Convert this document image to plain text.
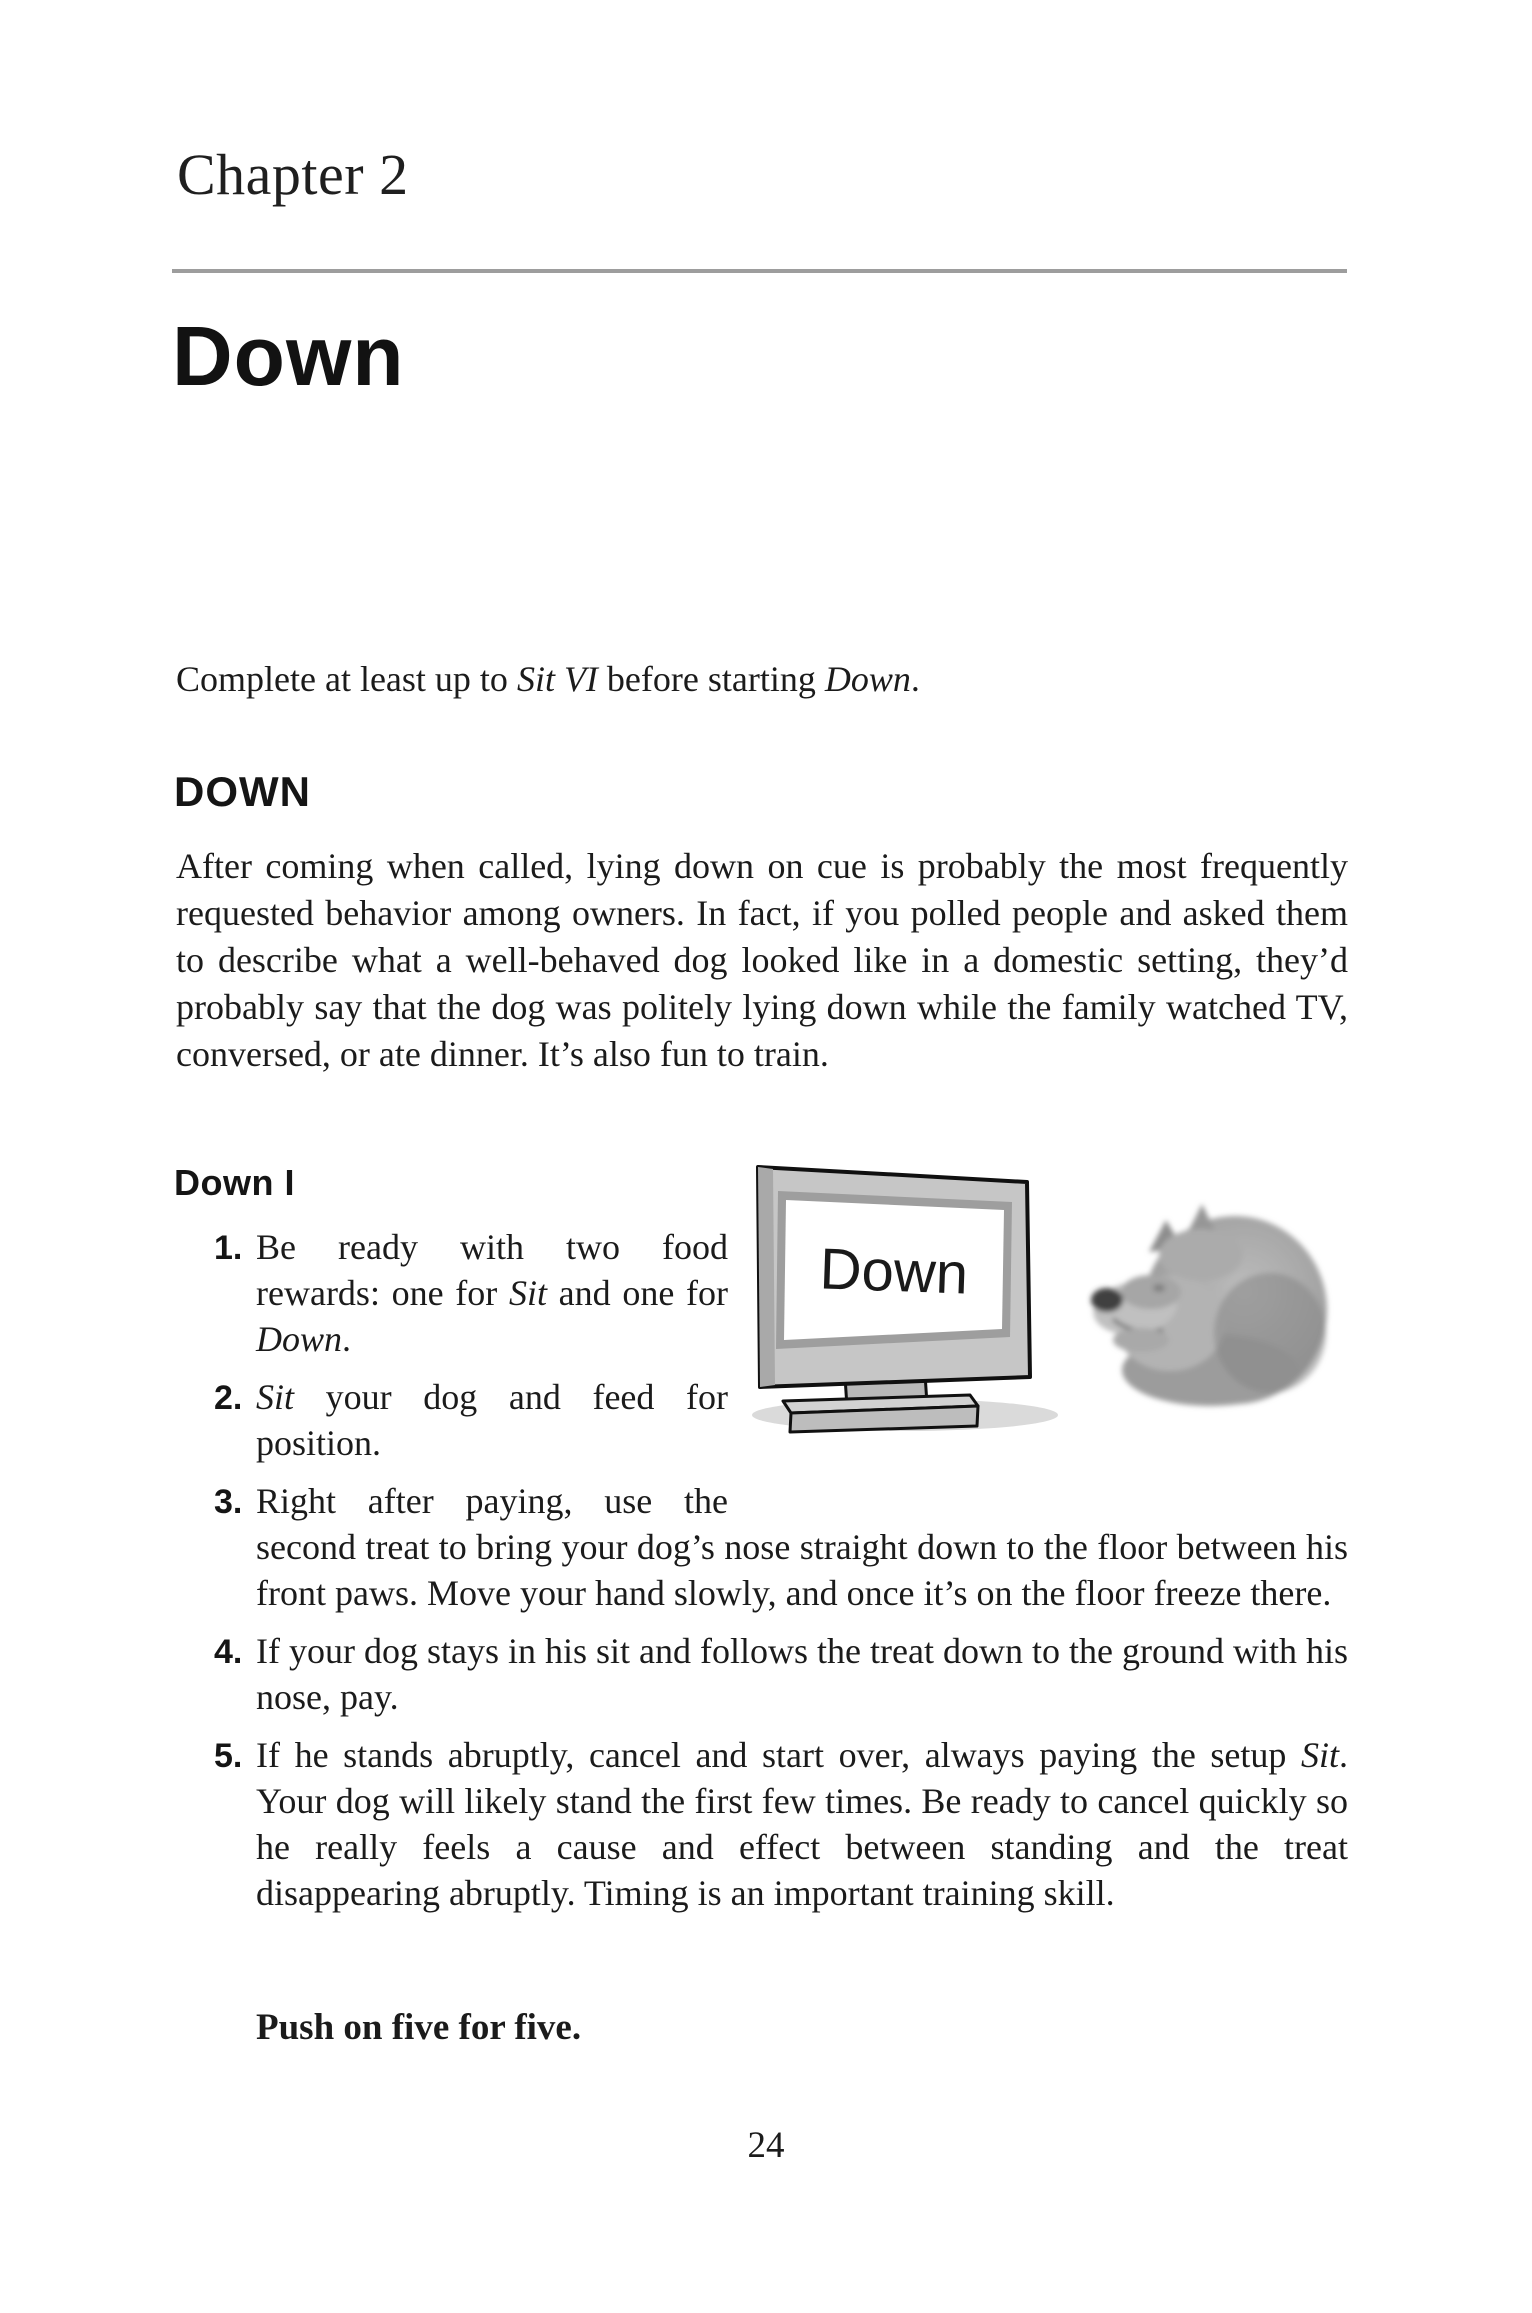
Chapter 2
Down
Complete at least up to Sit VI before starting Down.
DOWN
After coming when called, lying down on cue is probably the most frequently requested behavior among owners. In fact, if you polled people and asked them to describe what a well-behaved dog looked like in a domestic setting, they’d probably say that the dog was politely lying down while the family watched TV, conversed, or ate dinner. It’s also fun to train.
Down I
1. Be ready with two food rewards: one for Sit and one for Down.
2. Sit your dog and feed for position.
3. Right after paying, use the second treat to bring your dog’s nose straight down to the floor between his front paws. Move your hand slowly, and once it’s on the floor freeze there.
4. If your dog stays in his sit and follows the treat down to the ground with his nose, pay.
5. If he stands abruptly, cancel and start over, always paying the setup Sit. Your dog will likely stand the first few times. Be ready to cancel quickly so he really feels a cause and effect between standing and the treat disappearing abruptly. Timing is an important training skill.
Down
Push on five for five.
24
